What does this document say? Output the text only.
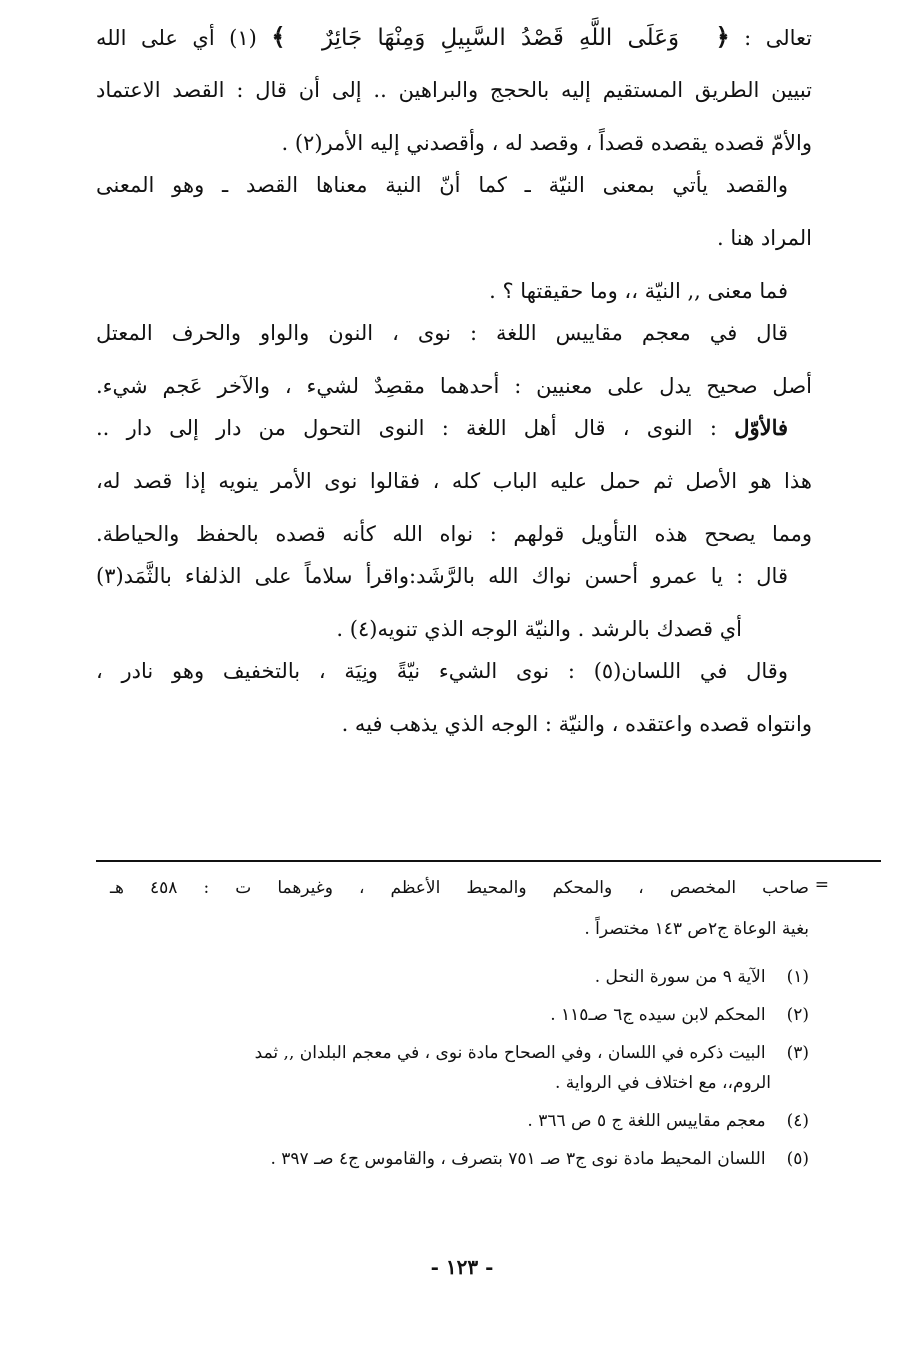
تعالى : ﴿ وَعَلَى اللَّهِ قَصْدُ السَّبِيلِ وَمِنْهَا جَائِرٌ ﴾ (١) أي على الله
تبيين الطريق المستقيم إليه بالحجج والبراهين .. إلى أن قال : القصد الاعتماد
والأمّ قصده يقصده قصداً ، وقصد له ، وأقصدني إليه الأمر(٢) .
والقصد يأتي بمعنى النيّة ـ كما أنّ النية معناها القصد ـ وهو المعنى
المراد هنا .
فما معنى ,, النيّة ،، وما حقيقتها ؟ .
قال في معجم مقاييس اللغة : نوى ، النون والواو والحرف المعتل
أصل صحيح يدل على معنيين : أحدهما مقصِدٌ لشيء ، والآخر عَجم شيء.
فالأوّل : النوى ، قال أهل اللغة : النوى التحول من دار إلى دار ..
هذا هو الأصل ثم حمل عليه الباب كله ، فقالوا نوى الأمر ينويه إذا قصد له،
ومما يصحح هذه التأويل قولهم : نواه الله كأنه قصده بالحفظ والحياطة.
قال : يا عمرو أحسن نواك الله بالرَّشَد:واقرأ سلاماً على الذلفاء بالثَّمَد(٣)
أي قصدك بالرشد . والنيّة الوجه الذي تنويه(٤) .
وقال في اللسان(٥) : نوى الشيء نيّةً ونِيَة ، بالتخفيف وهو نادر ،
وانتواه قصده واعتقده ، والنيّة : الوجه الذي يذهب فيه .
=
صاحب المخصص ، والمحكم والمحيط الأعظم ، وغيرهما ت : ٤٥٨ هـ
بغية الوعاة ج٢ص ١٤٣ مختصراً .
(١) الآية ٩ من سورة النحل .
(٢) المحكم لابن سيده ج٦ صـ١١٥ .
(٣) البيت ذكره في اللسان ، وفي الصحاح مادة نوى ، في معجم البلدان ,, ثمد
الروم،، مع اختلاف في الرواية .
(٤) معجم مقاييس اللغة ج ٥ ص ٣٦٦ .
(٥) اللسان المحيط مادة نوى ج٣ صـ ٧٥١ بتصرف ، والقاموس ج٤ صـ ٣٩٧ .
- ١٢٣ -
